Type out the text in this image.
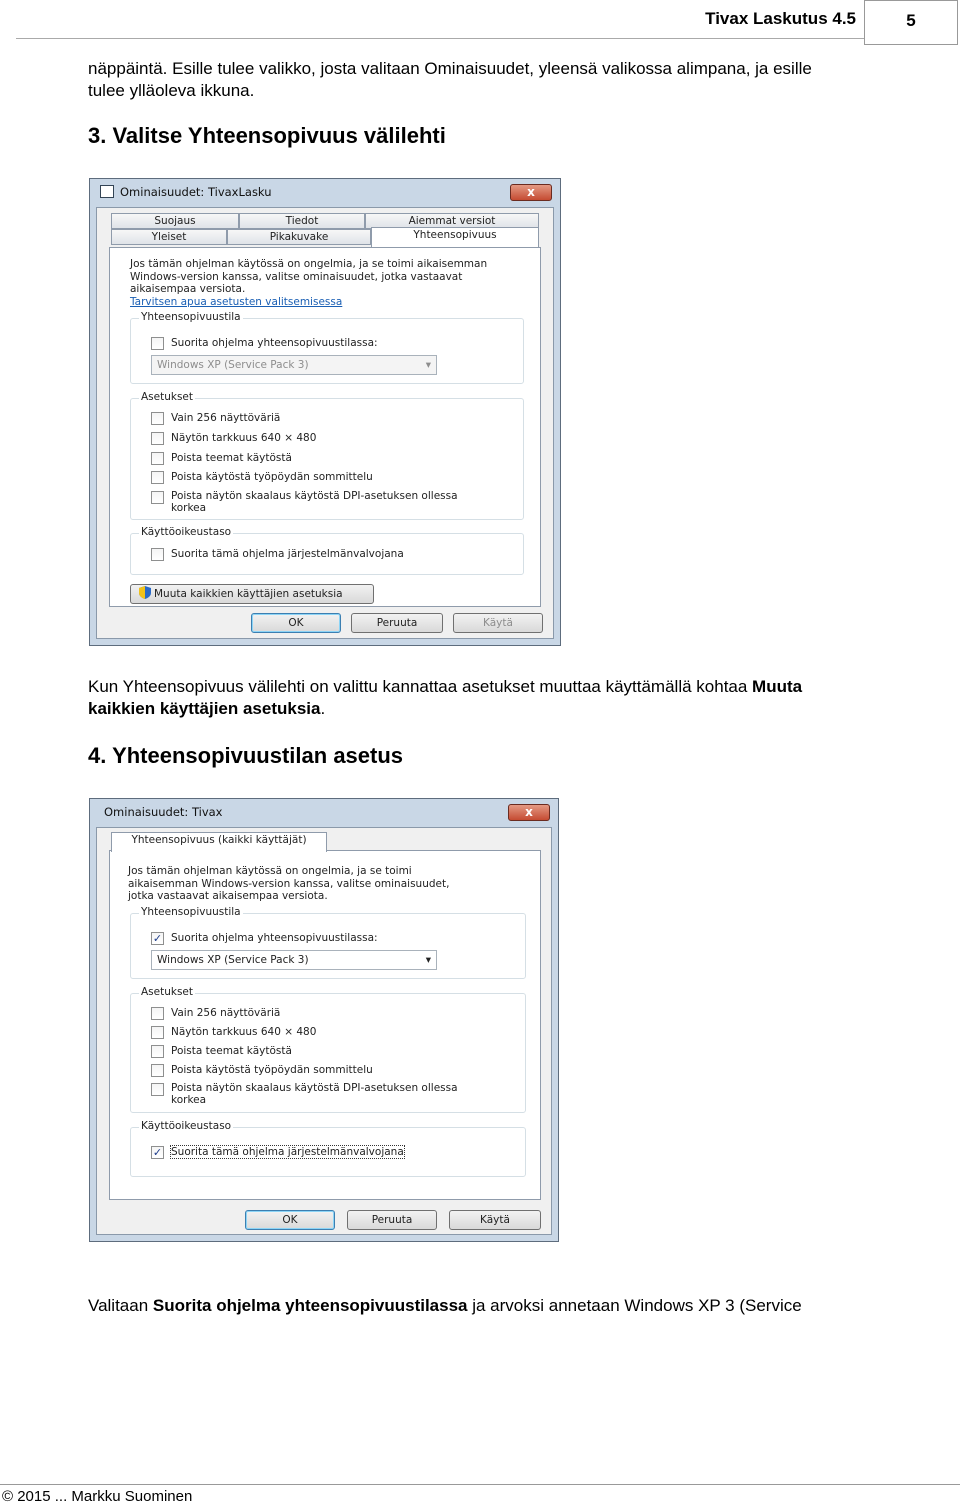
Tivax Laskutus 4.5	5
näppäintä. Esille tulee valikko, josta valitaan Ominaisuudet, yleensä valikossa alimpana, ja esille
tulee ylläoleva ikkuna.
3. Valitse Yhteensopivuus välilehti
Ominaisuudet: TivaxLasku	x
Suojaus	Tiedot	Aiemmat versiot
Yleiset	Pikakuvake
Jos tämän ohjelman käytössä on ongelmia, ja se toimi aikaisemman
Windows-version kanssa, valitse ominaisuudet, jotka vastaavat
aikaisempaa versiota.
Tarvitsen apua asetusten valitsemisessa
Yhteensopivuustila
Suorita ohjelma yhteensopivuustilassa:
Windows XP (Service Pack 3)	▾
Asetukset
Vain 256 näyttöväriä
Näytön tarkkuus 640 × 480
Poista teemat käytöstä
Poista käytöstä työpöydän sommittelu
Poista näytön skaalaus käytöstä DPI-asetuksen ollessa
korkea
Käyttöoikeustaso
Suorita tämä ohjelma järjestelmänvalvojana
Muuta kaikkien käyttäjien asetuksia
Yhteensopivuus
OK	Peruuta	Käytä
Kun Yhteensopivuus välilehti on valittu kannattaa asetukset muuttaa käyttämällä kohtaa Muuta
kaikkien käyttäjien asetuksia.
4. Yhteensopivuustilan asetus
Ominaisuudet: Tivax	x
Jos tämän ohjelman käytössä on ongelmia, ja se toimi
aikaisemman Windows-version kanssa, valitse ominaisuudet,
jotka vastaavat aikaisempaa versiota.
Yhteensopivuustila
✓ Suorita ohjelma yhteensopivuustilassa:
Windows XP (Service Pack 3)	▾
Asetukset
Vain 256 näyttöväriä
Näytön tarkkuus 640 × 480
Poista teemat käytöstä
Poista käytöstä työpöydän sommittelu
Poista näytön skaalaus käytöstä DPI-asetuksen ollessa
korkea
Käyttöoikeustaso
✓ Suorita tämä ohjelma järjestelmänvalvojana
Yhteensopivuus (kaikki käyttäjät)
OK	Peruuta	Käytä
Valitaan Suorita ohjelma yhteensopivuustilassa ja arvoksi annetaan Windows XP 3 (Service
© 2015 ... Markku Suominen
